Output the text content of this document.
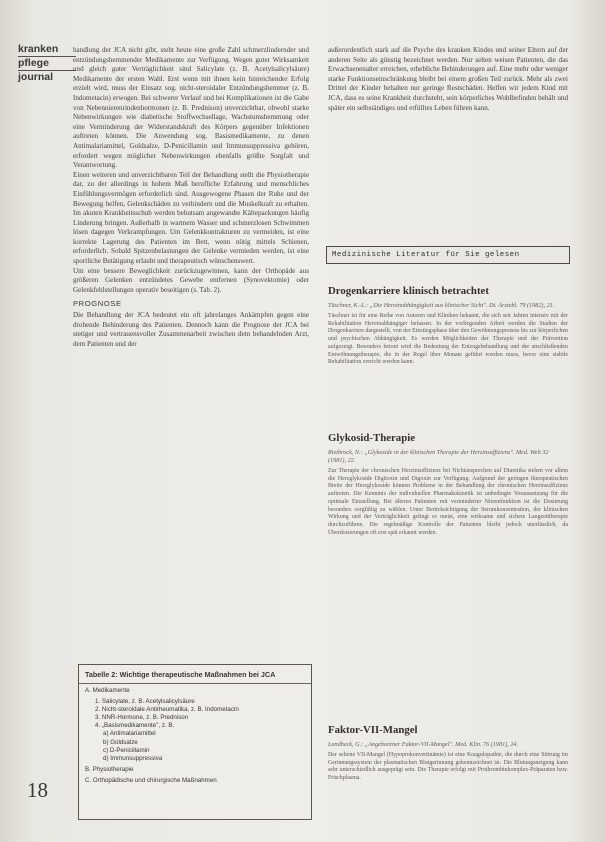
kranken
pflege
journal

handlung der JCA nicht gibt, steht heute eine große Zahl schmerzlindernder und entzündungshemmender Medikamente zur Verfügung. Wegen guter Wirksamkeit und gleich guter Verträglichkeit sind Salicylate (z. B. Acetylsalicylsäure) Medikamente der ersten Wahl. Erst wenn mit ihnen kein hinreichender Erfolg erzielt wird, muss der Einsatz sog. nicht-steroidaler Entzündungshemmer (z. B. Indometacin) erwogen. Bei schwerer Verlauf und bei Komplikationen ist die Gabe von Nebennierenrindenhormonen (z. B. Prednison) unverzichtbar, obwohl starke Nebenwirkungen wie diabetische Stoffwechsellage, Wachstumshemmung oder eine Verminderung der Widerstandskraft des Körpers gegenüber Infektionen auftreten können. Die Anwendung sog. Basismedikamente, zu denen Antimalariamittel, Goldsalze, D-Penicillamin und Immunsuppressiva gehören, erfordert wegen möglicher Nebenwirkungen ebenfalls größte Sorgfalt und Verantwortung.

Einen weiteren und unverzichtbaren Teil der Behandlung stellt die Physiotherapie dar, zu der allerdings in hohem Maß berufliche Erfahrung und menschliches Einfühlungsvermögen erforderlich sind. Ausgewogene Phasen der Ruhe und der Bewegung helfen, Gelenkschäden zu verhindern und die Muskelkraft zu erhalten. Im akuten Krankheitsschub werden behutsam angewandte Kältepackungen häufig Linderung bringen. Außerhalb in warmem Wasser und schmerzlosen Schwimmen lösen dagegen Verkrampfungen. Um Gelenkkontrakturen zu vermeiden, ist eine korrekte Lagerung des Patienten im Bett, wenn nötig mittels Schienen, erforderlich. Sobald Spitzenbelastungen der Gelenke vermieden werden, ist eine sportliche Betätigung erlaubt und therapeutisch wünschenswert.

Um eine bessere Beweglichkeit zurückzugewinnen, kann der Orthopäde aus größeren Gelenken entzündetes Gewebe entfernen (Synovektomie) oder Gelenkfehlstellungen operativ beseitigen (s. Tab. 2).

PROGNOSE

Die Behandlung der JCA bedeutet ein oft jahrelanges Ankämpfen gegen eine drohende Behinderung des Patienten. Dennoch kann die Prognose der JCA bei stetiger und vertrauensvoller Zusammenarbeit zwischen dem behandelnden Arzt, dem Patienten und der

Tabelle 2: Wichtige therapeutische Maßnahmen bei JCA
A. Medikamente
1. Salicylate, z. B. Acetylsalicylsäure
2. Nicht-steroidale Antirheumatika, z. B. Indometacin
3. NNR-Hormone, z. B. Prednison
4. „Basismedikamente", z. B.
a) Antimalariamittel
b) Goldsalze
c) D-Penicillamin
d) Immunsuppressiva
B. Physiotherapie
C. Orthopädische und chirurgische Maßnahmen
18

außerordentlich stark auf die Psyche des kranken Kindes und seiner Eltern auf der anderen Seite als günstig bezeichnet werden. Nur selten weisen Patienten, die das Erwachsenenalter erreichen, erhebliche Behinderungen auf. Eine mehr oder weniger starke Funktionseinschränkung bleibt bei einem großen Teil zurück. Mehr als zwei Drittel der Kinder behalten nur geringe Restschäden. Helfen wir jedem Kind mit JCA, dass es seine Krankheit durchsteht, sein körperliches Wohlbefinden behält und später ein selbständiges und erfülltes Leben führen kann.

Medizinische Literatur für Sie gelesen
Drogenkarriere klinisch betrachtet
Täschner, K.-L.: „Die Heroinabhängigkeit aus klinischer Sicht". Dt. Ärztebl. 79 (1982), 21.

Täschner ist für eine Reihe von Autoren und Kliniken bekannt, die sich seit Jahren intensiv mit der Rehabilitation Heroinabhängiger befassen. In der vorliegenden Arbeit werden die Stadien der Drogenkarriere dargestellt, von der Einstiegsphase über den Gewöhnungsprozess bis zur körperlichen und psychischen Abhängigkeit. Es werden Möglichkeiten der Therapie und der Prävention aufgezeigt. Besonders betont wird die Bedeutung der Entzugsbehandlung und der anschließenden Entwöhnungstherapie, die in der Regel über Monate geführt werden muss, bevor eine stabile Rehabilitation erreicht werden kann.

Glykosid-Therapie
Rietbrock, N.: „Glykoside in der klinischen Therapie der Herzinsuffizienz". Med. Welt 32 (1981), 22.

Zur Therapie der chronischen Herzinsuffizienz bei Nichtansprechen auf Diuretika stehen vor allem die Herzglykoside Digitoxin und Digoxin zur Verfügung. Aufgrund der geringen therapeutischen Breite der Herzglykoside können Probleme in der Behandlung der chronischen Herzinsuffizienz auftreten. Die Kenntnis der individuellen Pharmakokinetik ist unbedingte Voraussetzung für die optimale Einstellung. Bei älteren Patienten mit verminderter Nierenfunktion ist die Dosierung besonders sorgfältig zu wählen. Unter Berücksichtigung der Serumkonzentration, der klinischen Wirkung und der Verträglichkeit gelingt es meist, eine wirksame und sichere Langzeittherapie durchzuführen. Die regelmäßige Kontrolle der Patienten bleibt jedoch unerlässlich, da Überdosierungen oft erst spät erkannt werden.

Faktor-VII-Mangel
Landbeck, G.: „Angeborener Faktor-VII-Mangel". Med. Klin. 76 (1981), 24.

Der seltene VII-Mangel (Hypoprokonvertinämie) ist eine Koagulopathie, die durch eine Störung im Gerinnungssystem der plasmatischen Blutgerinnung gekennzeichnet ist. Die Blutungsneigung kann sehr unterschiedlich ausgeprägt sein. Die Therapie erfolgt mit Prothrombinkomplex-Präparaten bzw. Frischplasma.
